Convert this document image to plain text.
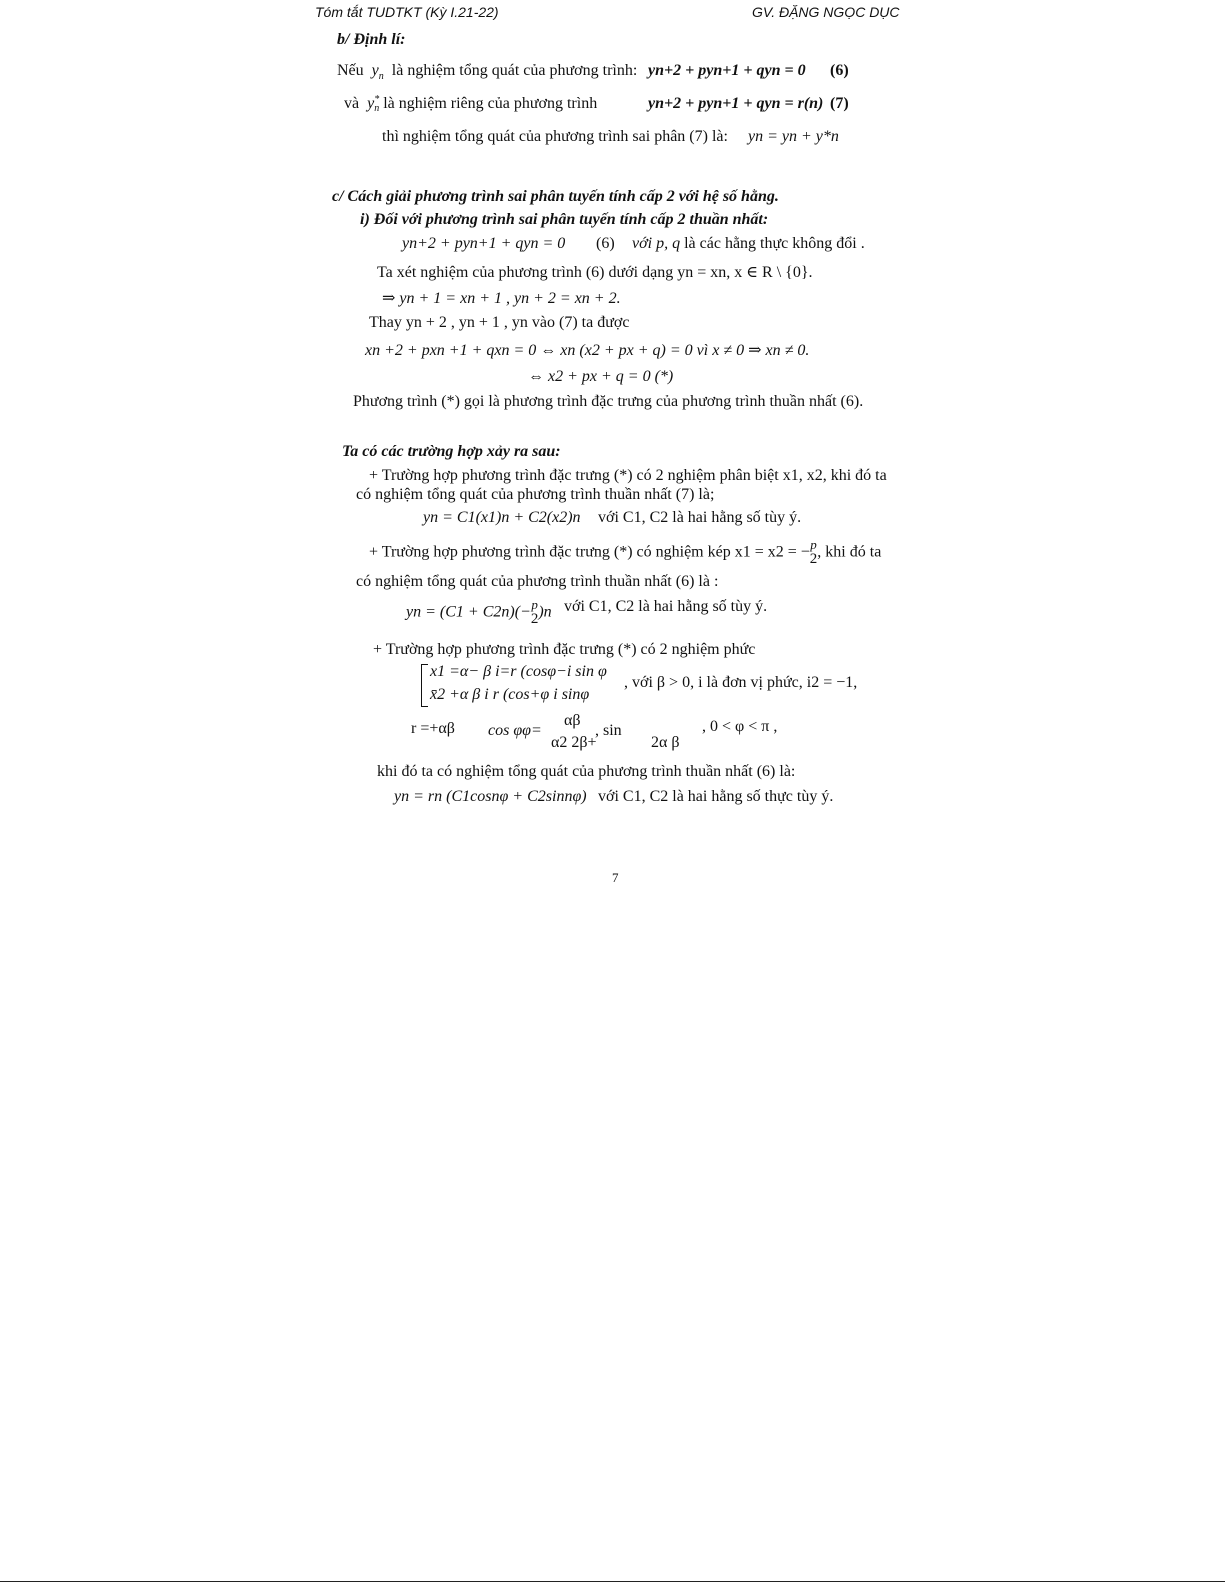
Tóm tắt TUDTKT (Kỳ I.21-22)	GV. ĐẶNG NGỌC DỤC
b/ Định lí:
Nếu $y_n$ là nghiệm tổng quát của phương trình: yn+2 + pyn+1 + qyn = 0 (6)
và y *
n là nghiệm riêng của phương trình	yn+2 + pyn+1 + qyn = r(n) (7)
thì nghiệm tổng quát của phương trình sai phân (7) là: yn = yn + y*n
c/ Cách giải phương trình sai phân tuyến tính cấp 2 với hệ số hằng.
i) Đối với phương trình sai phân tuyến tính cấp 2 thuần nhất:
yn+2 + pyn+1 + qyn = 0 (6) với p, q là các hằng thực không đổi .
Ta xét nghiệm của phương trình (6) dưới dạng yn = xn, x ∈ R \ {0}.
⇒ yn + 1 = xn + 1 , yn + 2 = xn + 2.
Thay yn + 2 , yn + 1 , yn vào (7) ta được
xn +2 + pxn +1 + qxn = 0 ⇔ xn (x2 + px + q) = 0 vì x ≠ 0 ⇒ xn ≠ 0.
⇔ x2 + px + q = 0 (*)
Phương trình (*) gọi là phương trình đặc trưng của phương trình thuần nhất (6).
Ta có các trường hợp xảy ra sau:
+ Trường hợp phương trình đặc trưng (*) có 2 nghiệm phân biệt x1, x2, khi đó ta
có nghiệm tổng quát của phương trình thuần nhất (7) là;
yn = C1(x1)n + C2(x2)n với C1, C2 là hai hằng số tùy ý.
+ Trường hợp phương trình đặc trưng (*) có nghiệm kép x1 = x2 = − p
2 , khi đó ta
có nghiệm tổng quát của phương trình thuần nhất (6) là :
yn = (C1 + C2n)(− p
2 )n với C1, C2 là hai hằng số tùy ý.
+ Trường hợp phương trình đặc trưng (*) có 2 nghiệm phức
x1 =α− β i=r (cosφ−i sin φ
x̄2 +α β i r (cos+φ i sinφ
, với β > 0, i là đơn vị phức, i2 = −1,
r =+αβ cos φφ=
αβ
α2 2β+
, sin
2α β
, 0 < φ < π ,
khi đó ta có nghiệm tổng quát của phương trình thuần nhất (6) là:
yn = rn (C1cosnφ + C2sinnφ) với C1, C2 là hai hằng số thực tùy ý.
7
